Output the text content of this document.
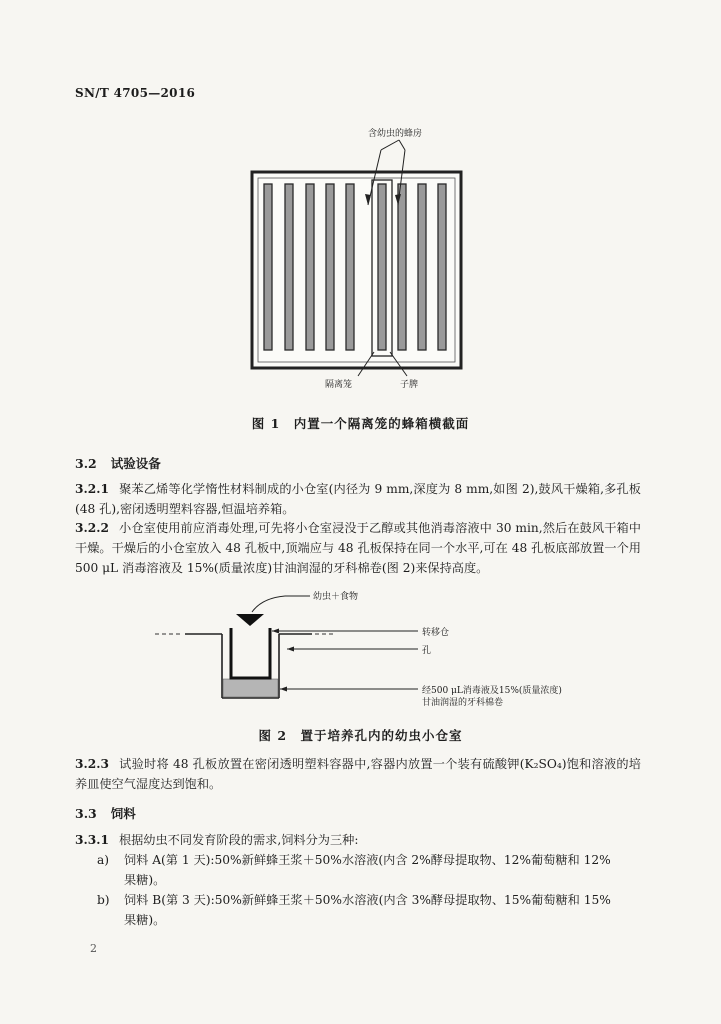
SN/T 4705—2016
含幼虫的蜂房
隔离笼	子脾
图 1　内置一个隔离笼的蜂箱横截面
3.2 试验设备
3.2.1 聚苯乙烯等化学惰性材料制成的小仓室(内径为 9 mm,深度为 8 mm,如图 2),鼓风干燥箱,多孔板(48 孔),密闭透明塑料容器,恒温培养箱。
3.2.2 小仓室使用前应消毒处理,可先将小仓室浸没于乙醇或其他消毒溶液中 30 min,然后在鼓风干箱中干燥。干燥后的小仓室放入 48 孔板中,顶端应与 48 孔板保持在同一个水平,可在 48 孔板底部放置一个用 500 μL 消毒溶液及 15%(质量浓度)甘油润湿的牙科棉卷(图 2)来保持高度。
幼虫＋食物
转移仓
孔
经500 μL消毒液及15%(质量浓度)
甘油润湿的牙科棉卷
图 2　置于培养孔内的幼虫小仓室
3.2.3 试验时将 48 孔板放置在密闭透明塑料容器中,容器内放置一个装有硫酸钾(K₂SO₄)饱和溶液的培养皿使空气湿度达到饱和。
3.3 饲料
3.3.1 根据幼虫不同发育阶段的需求,饲料分为三种:
a) 饲料 A(第 1 天):50%新鲜蜂王浆＋50%水溶液(内含 2%酵母提取物、12%葡萄糖和 12%
果糖)。
b) 饲料 B(第 3 天):50%新鲜蜂王浆＋50%水溶液(内含 3%酵母提取物、15%葡萄糖和 15%
果糖)。
2
